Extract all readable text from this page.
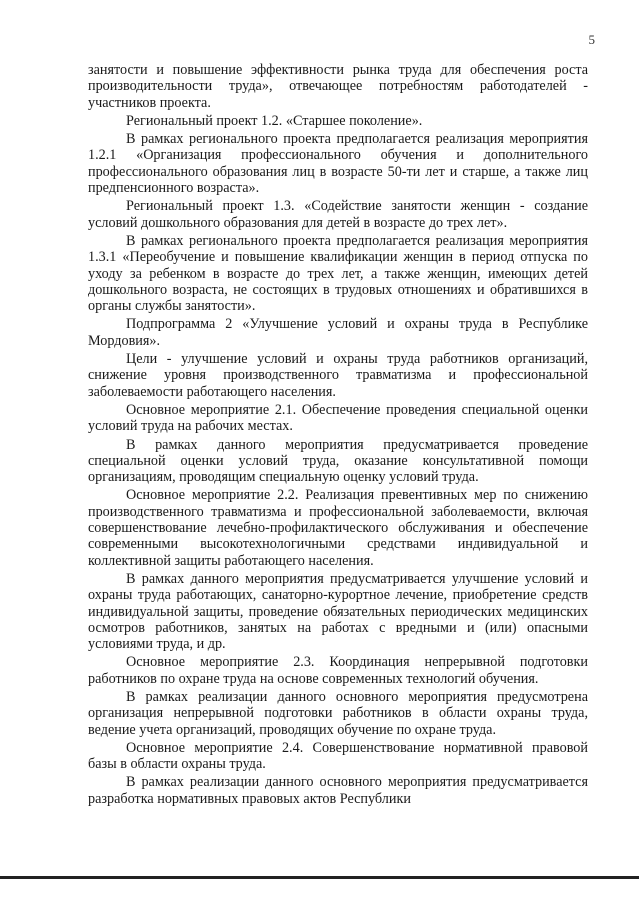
5

занятости и повышение эффективности рынка труда для обеспечения роста производительности труда», отвечающее потребностям работодателей - участников проекта.

Региональный проект 1.2. «Старшее поколение».

В рамках регионального проекта предполагается реализация мероприятия 1.2.1 «Организация профессионального обучения и дополнительного профессионального образования лиц в возрасте 50-ти лет и старше, а также лиц предпенсионного возраста».

Региональный проект 1.3. «Содействие занятости женщин - создание условий дошкольного образования для детей в возрасте до трех лет».

В рамках регионального проекта предполагается реализация мероприятия 1.3.1 «Переобучение и повышение квалификации женщин в период отпуска по уходу за ребенком в возрасте до трех лет, а также женщин, имеющих детей дошкольного возраста, не состоящих в трудовых отношениях и обратившихся в органы службы занятости».

Подпрограмма 2 «Улучшение условий и охраны труда в Республике Мордовия».

Цели - улучшение условий и охраны труда работников организаций, снижение уровня производственного травматизма и профессиональной заболеваемости работающего населения.

Основное мероприятие 2.1. Обеспечение проведения специальной оценки условий труда на рабочих местах.

В рамках данного мероприятия предусматривается проведение специальной оценки условий труда, оказание консультативной помощи организациям, проводящим специальную оценку условий труда.

Основное мероприятие 2.2. Реализация превентивных мер по снижению производственного травматизма и профессиональной заболеваемости, включая совершенствование лечебно-профилактического обслуживания и обеспечение современными высокотехнологичными средствами индивидуальной и коллективной защиты работающего населения.

В рамках данного мероприятия предусматривается улучшение условий и охраны труда работающих, санаторно-курортное лечение, приобретение средств индивидуальной защиты, проведение обязательных периодических медицинских осмотров работников, занятых на работах с вредными и (или) опасными условиями труда, и др.

Основное мероприятие 2.3. Координация непрерывной подготовки работников по охране труда на основе современных технологий обучения.

В рамках реализации данного основного мероприятия предусмотрена организация непрерывной подготовки работников в области охраны труда, ведение учета организаций, проводящих обучение по охране труда.

Основное мероприятие 2.4. Совершенствование нормативной правовой базы в области охраны труда.

В рамках реализации данного основного мероприятия предусматривается разработка нормативных правовых актов Республики
